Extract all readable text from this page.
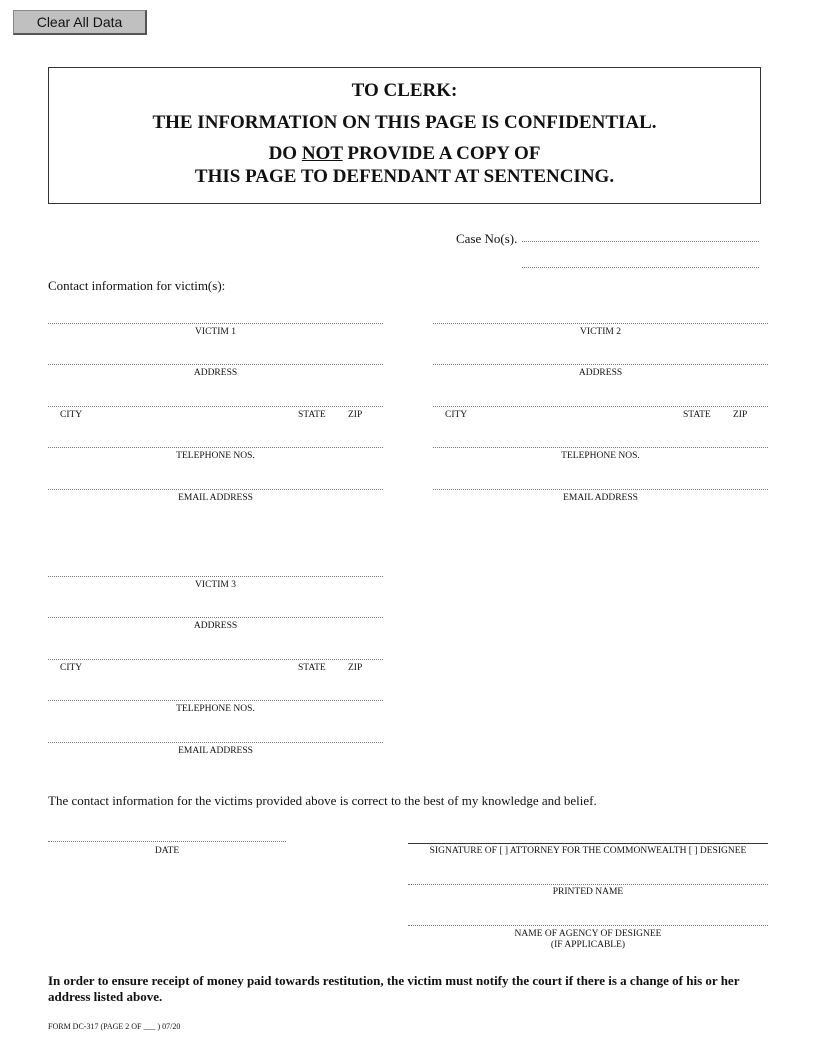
Clear All Data
TO CLERK:
THE INFORMATION ON THIS PAGE IS CONFIDENTIAL.
DO NOT PROVIDE A COPY OF
THIS PAGE TO DEFENDANT AT SENTENCING.
Case No(s).
Contact information for victim(s):
VICTIM 1
ADDRESS
CITY	STATE ZIP
TELEPHONE NOS.
EMAIL ADDRESS
VICTIM 2
ADDRESS
CITY	STATE ZIP
TELEPHONE NOS.
EMAIL ADDRESS
VICTIM 3
ADDRESS
CITY	STATE ZIP
TELEPHONE NOS.
EMAIL ADDRESS
The contact information for the victims provided above is correct to the best of my knowledge and belief.
DATE	SIGNATURE OF [ ] ATTORNEY FOR THE COMMONWEALTH [ ] DESIGNEE
PRINTED NAME
NAME OF AGENCY OF DESIGNEE
(IF APPLICABLE)
In order to ensure receipt of money paid towards restitution, the victim must notify the court if there is a change of his or her address listed above.
FORM DC-317 (PAGE 2 OF ___ ) 07/20
